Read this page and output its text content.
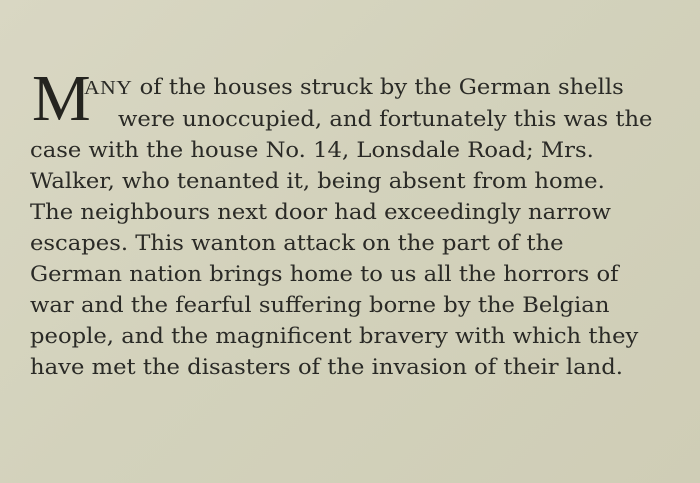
M
ANY of the houses struck by the German shells
were unoccupied, and fortunately this was the
case with the house No. 14, Lonsdale Road; Mrs.
Walker, who tenanted it, being absent from home.
The neighbours next door had exceedingly narrow
escapes. This wanton attack on the part of the
German nation brings home to us all the horrors of
war and the fearful suffering borne by the Belgian
people, and the magnificent bravery with which they
have met the disasters of the invasion of their land.
